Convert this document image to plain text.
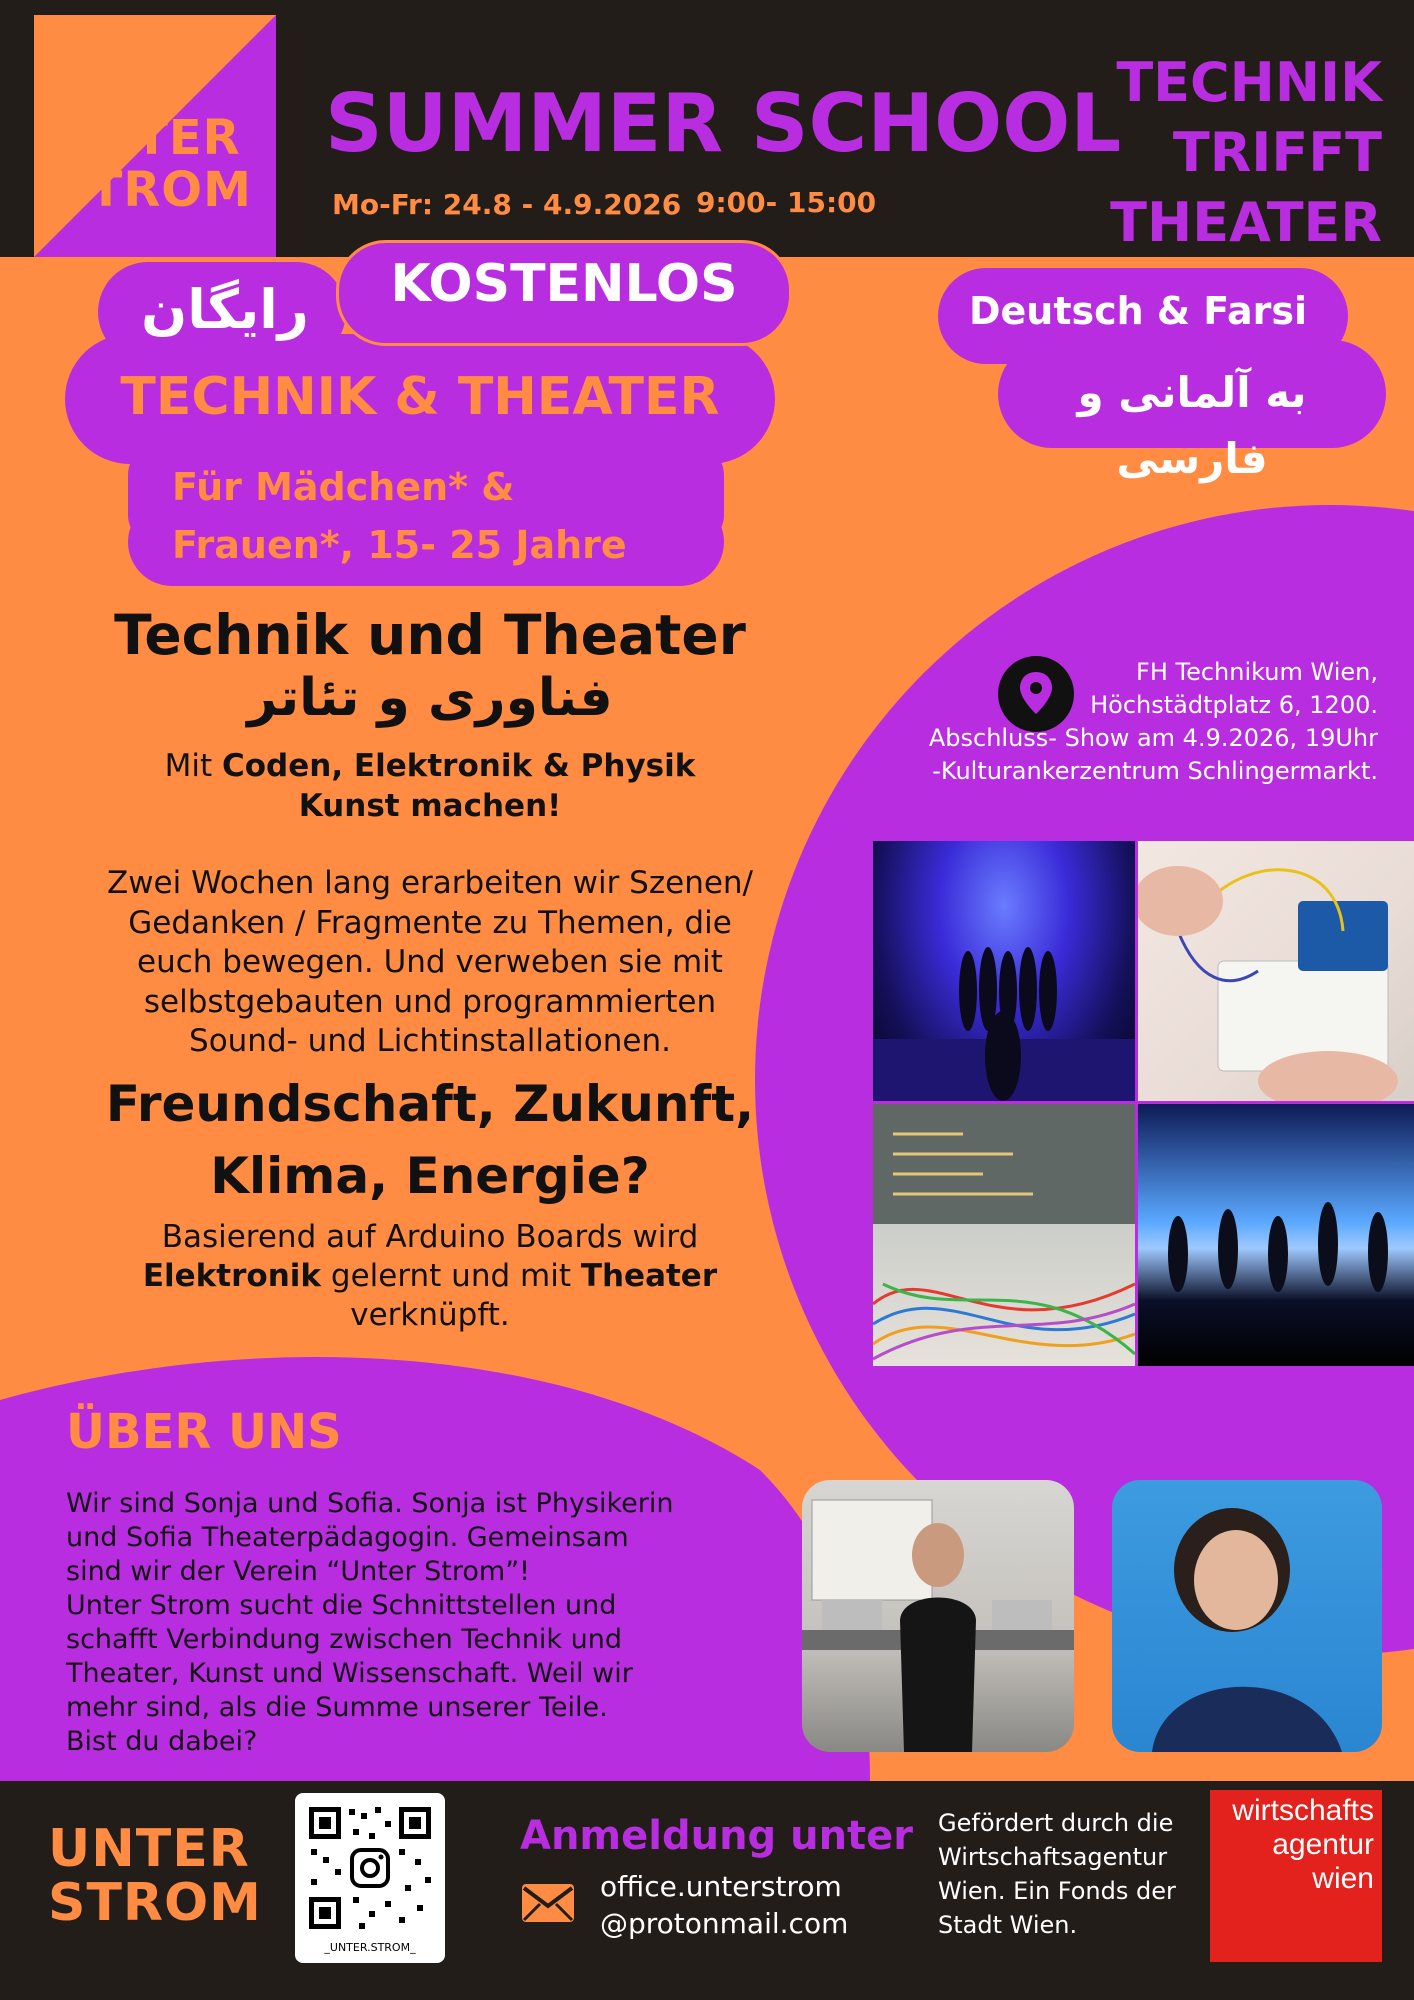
UNTER
STROM
SUMMER SCHOOL
Mo-Fr: 24.8 - 4.9.2026 9:00- 15:00
TECHNIK
TRIFFT
THEATER
رایگان	KOSTENLOS
TECHNIK & THEATER
Für Mädchen* &
Frauen*, 15- 25 Jahre
Deutsch & Farsi
به آلمانی و فارسی
Technik und Theater
فناوری و تئاتر
Mit Coden, Elektronik & Physik
Kunst machen!
Zwei Wochen lang erarbeiten wir Szenen/
Gedanken / Fragmente zu Themen, die
euch bewegen. Und verweben sie mit
selbstgebauten und programmierten
Sound- und Lichtinstallationen.
Freundschaft, Zukunft,
Klima, Energie?
Basierend auf Arduino Boards wird
Elektronik gelernt und mit Theater
verknüpft.
FH Technikum Wien,
Höchstädtplatz 6, 1200.
Abschluss- Show am 4.9.2026, 19Uhr
-Kulturankerzentrum Schlingermarkt.
ÜBER UNS
Wir sind Sonja und Sofia. Sonja ist Physikerin
und Sofia Theaterpädagogin. Gemeinsam
sind wir der Verein “Unter Strom”!
Unter Strom sucht die Schnittstellen und
schafft Verbindung zwischen Technik und
Theater, Kunst und Wissenschaft. Weil wir
mehr sind, als die Summe unserer Teile.
Bist du dabei?
UNTER
STROM
_UNTER.STROM_
Anmeldung unter
office.unterstrom
@protonmail.com
Gefördert durch die
Wirtschaftsagentur
Wien. Ein Fonds der
Stadt Wien.
wirtschafts
agentur
wien
